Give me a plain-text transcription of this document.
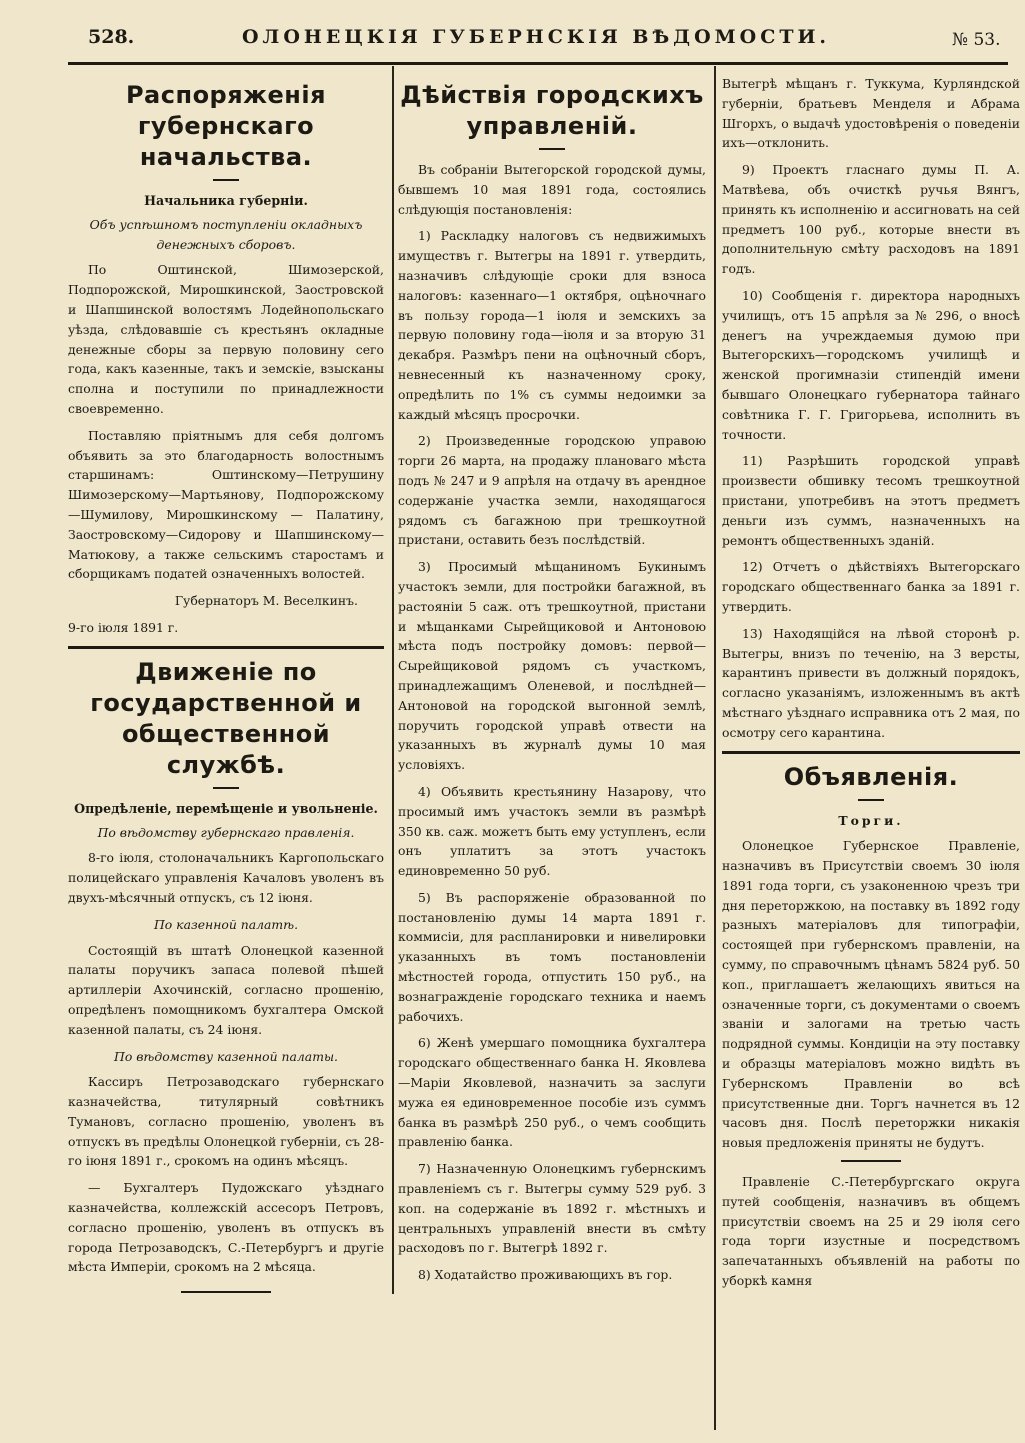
528.	ОЛОНЕЦКІЯ ГУБЕРНСКІЯ ВѢДОМОСТИ.	№ 53.
Распоряженія губернскаго начальства.
Начальника губерніи.
Объ успѣшномъ поступленіи окладныхъ денежныхъ сборовъ.

По Оштинской, Шимозерской, Подпорожской, Мирошкинской, Заостровской и Шапшинской волостямъ Лодейнопольскаго уѣзда, слѣдовавшіе съ крестьянъ окладные денежные сборы за первую половину сего года, какъ казенные, такъ и земскіе, взысканы сполна и поступили по принадлежности своевременно.

Поставляю пріятнымъ для себя долгомъ объявить за это благодарность волостнымъ старшинамъ: Оштинскому—Петрушину Шимозерскому—Мартьянову, Подпорожскому—Шумилову, Мирошкинскому — Палатину, Заостровскому—Сидорову и Шапшинскому—Матюкову, а также сельскимъ старостамъ и сборщикамъ податей означенныхъ волостей.

Губернаторъ М. Веселкинъ.

9-го іюля 1891 г.

Движеніе по государственной и общественной службѣ.
Опредѣленіе, перемѣщеніе и увольненіе.
По вѣдомству губернскаго правленія.

8-го іюля, столоначальникъ Каргопольскаго полицейскаго управленія Качаловъ уволенъ въ двухъ-мѣсячный отпускъ, съ 12 іюня.

По казенной палатѣ.

Состоящій въ штатѣ Олонецкой казенной палаты поручикъ запаса полевой пѣшей артиллеріи Ахочинскій, согласно прошенію, опредѣленъ помощникомъ бухгалтера Омской казенной палаты, съ 24 іюня.

По вѣдомству казенной палаты.

Кассиръ Петрозаводскаго губернскаго казначейства, титулярный совѣтникъ Тумановъ, согласно прошенію, уволенъ въ отпускъ въ предѣлы Олонецкой губерніи, съ 28-го іюня 1891 г., срокомъ на одинъ мѣсяцъ.

— Бухгалтеръ Пудожскаго уѣзднаго казначейства, коллежскій ассесоръ Петровъ, согласно прошенію, уволенъ въ отпускъ въ города Петрозаводскъ, С.-Петербургъ и другіе мѣста Имперіи, срокомъ на 2 мѣсяца.

Дѣйствія городскихъ управленій.

Въ собраніи Вытегорской городской думы, бывшемъ 10 мая 1891 года, состоялись слѣдующія постановленія:

1) Раскладку налоговъ съ недвижимыхъ имуществъ г. Вытегры на 1891 г. утвердить, назначивъ слѣдующіе сроки для взноса налоговъ: казеннаго—1 октября, оцѣночнаго въ пользу города—1 іюля и земскихъ за первую половину года—іюля и за вторую 31 декабря. Размѣръ пени на оцѣночный сборъ, невнесенный къ назначенному сроку, опредѣлить по 1% съ суммы недоимки за каждый мѣсяцъ просрочки.

2) Произведенные городскою управою торги 26 марта, на продажу плановаго мѣста подъ № 247 и 9 апрѣля на отдачу въ арендное содержаніе участка земли, находящагося рядомъ съ багажною при трешкоутной пристани, оставить безъ послѣдствій.

3) Просимый мѣщаниномъ Букинымъ участокъ земли, для постройки багажной, въ растояніи 5 саж. отъ трешкоутной, пристани и мѣщанками Сырейщиковой и Антоновою мѣста подъ постройку домовъ: первой—Сырейщиковой рядомъ съ участкомъ, принадлежащимъ Оленевой, и послѣдней—Антоновой на городской выгонной землѣ, поручить городской управѣ отвести на указанныхъ въ журналѣ думы 10 мая условіяхъ.

4) Объявить крестьянину Назарову, что просимый имъ участокъ земли въ размѣрѣ 350 кв. саж. можетъ быть ему уступленъ, если онъ уплатитъ за этотъ участокъ единовременно 50 руб.

5) Въ распоряженіе образованной по постановленію думы 14 марта 1891 г. коммисіи, для распланировки и нивелировки указанныхъ въ томъ постановленіи мѣстностей города, отпустить 150 руб., на вознагражденіе городскаго техника и наемъ рабочихъ.

6) Женѣ умершаго помощника бухгалтера городскаго общественнаго банка Н. Яковлева—Маріи Яковлевой, назначить за заслуги мужа ея единовременное пособіе изъ суммъ банка въ размѣрѣ 250 руб., о чемъ сообщить правленію банка.

7) Назначенную Олонецкимъ губернскимъ правленіемъ съ г. Вытегры сумму 529 руб. 3 коп. на содержаніе въ 1892 г. мѣстныхъ и центральныхъ управленій внести въ смѣту расходовъ по г. Вытегрѣ 1892 г.

8) Ходатайство проживающихъ въ гор.

Вытегрѣ мѣщанъ г. Туккума, Курляндской губерніи, братьевъ Менделя и Абрама Шгорхъ, о выдачѣ удостовѣренія о поведеніи ихъ—отклонить.

9) Проектъ гласнаго думы П. А. Матвѣева, объ очисткѣ ручья Вянгъ, принять къ исполненію и ассигновать на сей предметъ 100 руб., которые внести въ дополнительную смѣту расходовъ на 1891 годъ.

10) Сообщенія г. директора народныхъ училищъ, отъ 15 апрѣля за № 296, о вносѣ денегъ на учреждаемыя думою при Вытегорскихъ—городскомъ училищѣ и женской прогимназіи стипендій имени бывшаго Олонецкаго губернатора тайнаго совѣтника Г. Г. Григорьева, исполнить въ точности.

11) Разрѣшить городской управѣ произвести обшивку тесомъ трешкоутной пристани, употребивъ на этотъ предметъ деньги изъ суммъ, назначенныхъ на ремонтъ общественныхъ зданій.

12) Отчетъ о дѣйствіяхъ Вытегорскаго городскаго общественнаго банка за 1891 г. утвердить.

13) Находящійся на лѣвой сторонѣ р. Вытегры, внизъ по теченію, на 3 версты, карантинъ привести въ должный порядокъ, согласно указаніямъ, изложеннымъ въ актѣ мѣстнаго уѣзднаго исправника отъ 2 мая, по осмотру сего карантина.

Объявленія.
Торги.

Олонецкое Губернское Правленіе, назначивъ въ Присутствіи своемъ 30 іюля 1891 года торги, съ узаконенною чрезъ три дня переторжкою, на поставку въ 1892 году разныхъ матеріаловъ для типографіи, состоящей при губернскомъ правленіи, на сумму, по справочнымъ цѣнамъ 5824 руб. 50 коп., приглашаетъ желающихъ явиться на означенные торги, съ документами о своемъ званіи и залогами на третью часть подрядной суммы. Кондиціи на эту поставку и образцы матеріаловъ можно видѣть въ Губернскомъ Правленіи во всѣ присутственные дни. Торгъ начнется въ 12 часовъ дня. Послѣ переторжки никакія новыя предложенія приняты не будутъ.

Правленіе С.-Петербургскаго округа путей сообщенія, назначивъ въ общемъ присутствіи своемъ на 25 и 29 іюля сего года торги изустные и посредствомъ запечатанныхъ объявленій на работы по уборкѣ камня
